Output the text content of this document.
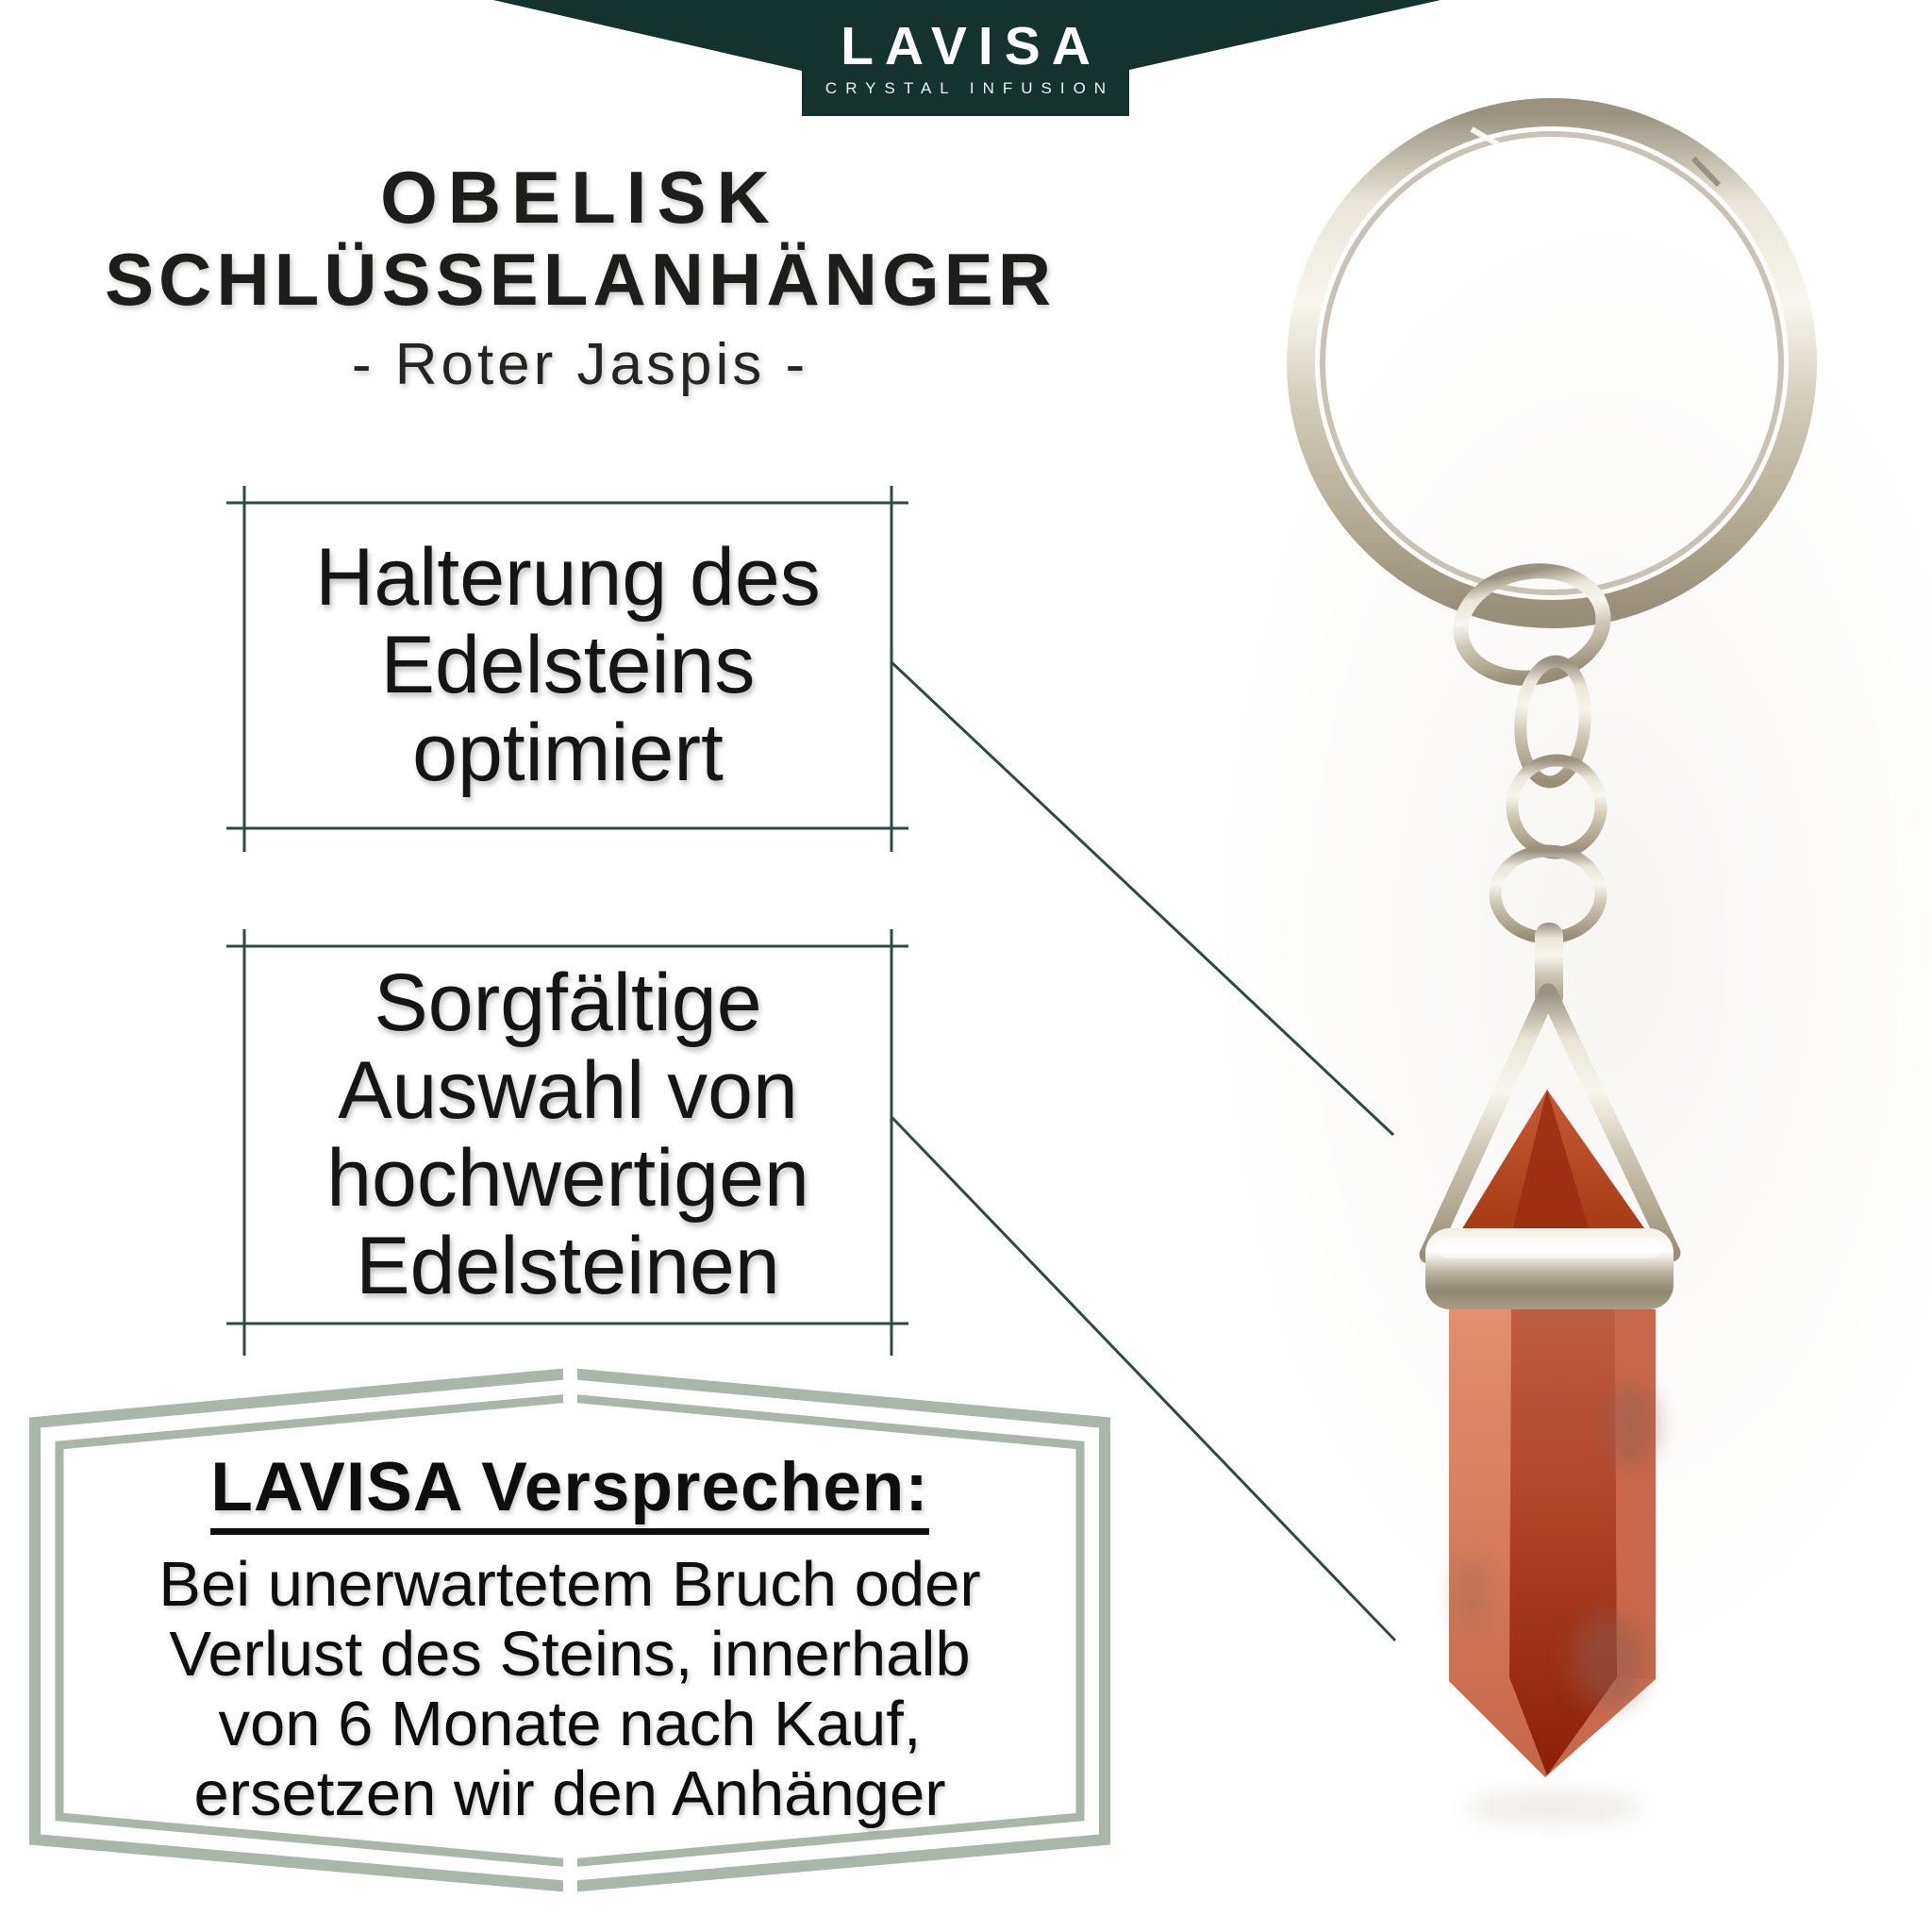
LAVISA
CRYSTAL INFUSION
OBELISK
SCHLÜSSELANHÄNGER
- Roter Jaspis -
Halterung des
Edelsteins
optimiert
Sorgfältige
Auswahl von
hochwertigen
Edelsteinen
LAVISA Versprechen:
Bei unerwartetem Bruch oder
Verlust des Steins, innerhalb
von 6 Monate nach Kauf,
ersetzen wir den Anhänger
